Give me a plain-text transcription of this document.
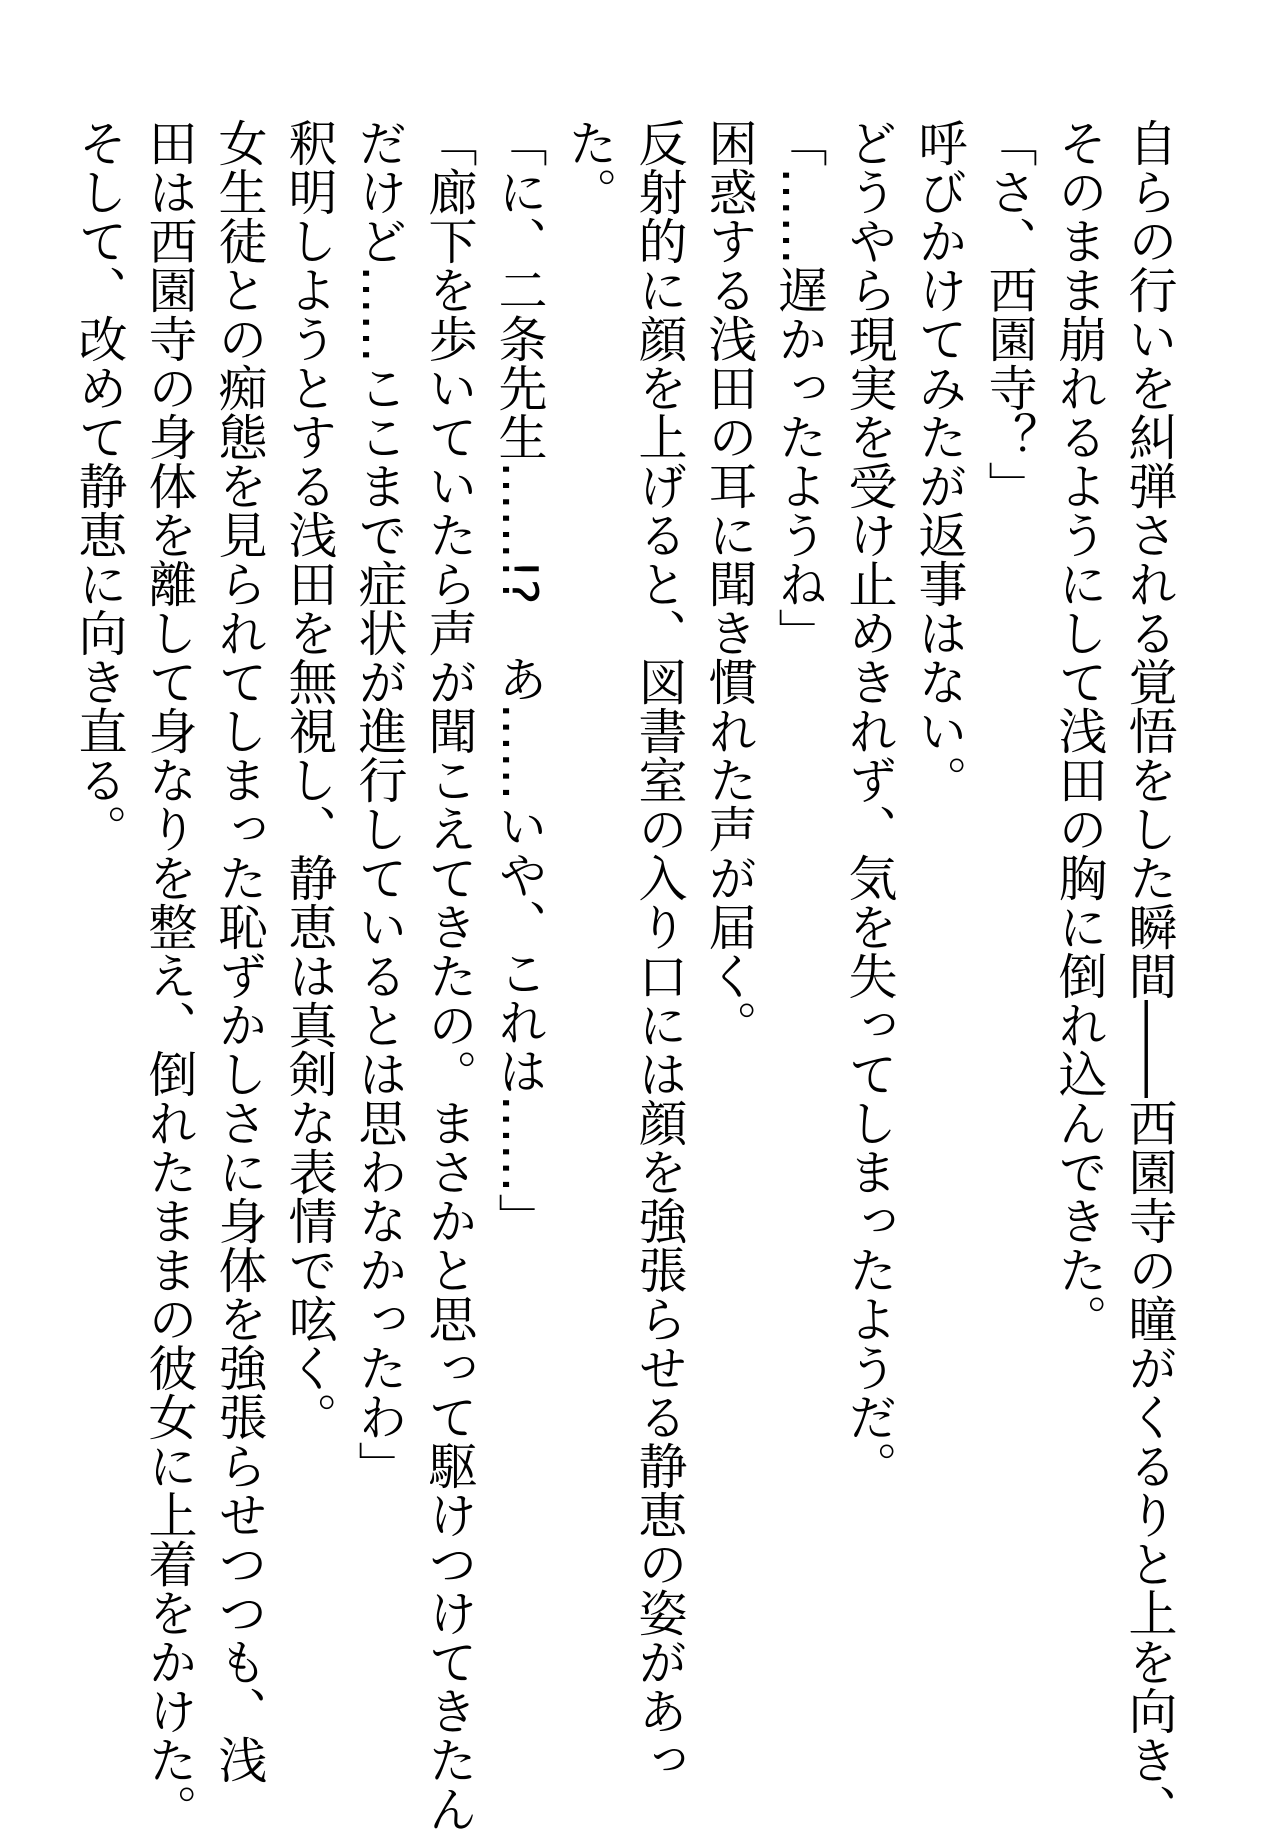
自らの行いを糾弾される覚悟をした瞬間――西園寺の瞳がくるりと上を向き、
そのまま崩れるようにして浅田の胸に倒れ込んできた。
「さ、西園寺？」
呼びかけてみたが返事はない。
どうやら現実を受け止めきれず、気を失ってしまったようだ。
「……遅かったようね」
困惑する浅田の耳に聞き慣れた声が届く。
反射的に顔を上げると、図書室の入り口には顔を強張らせる静恵の姿があっ
た。
「に、二条先生……!?　あ……いや、これは……」
「廊下を歩いていたら声が聞こえてきたの。まさかと思って駆けつけてきたん
だけど……ここまで症状が進行しているとは思わなかったわ」
釈明しようとする浅田を無視し、静恵は真剣な表情で呟く。
女生徒との痴態を見られてしまった恥ずかしさに身体を強張らせつつも、浅
田は西園寺の身体を離して身なりを整え、倒れたままの彼女に上着をかけた。
そして、改めて静恵に向き直る。
